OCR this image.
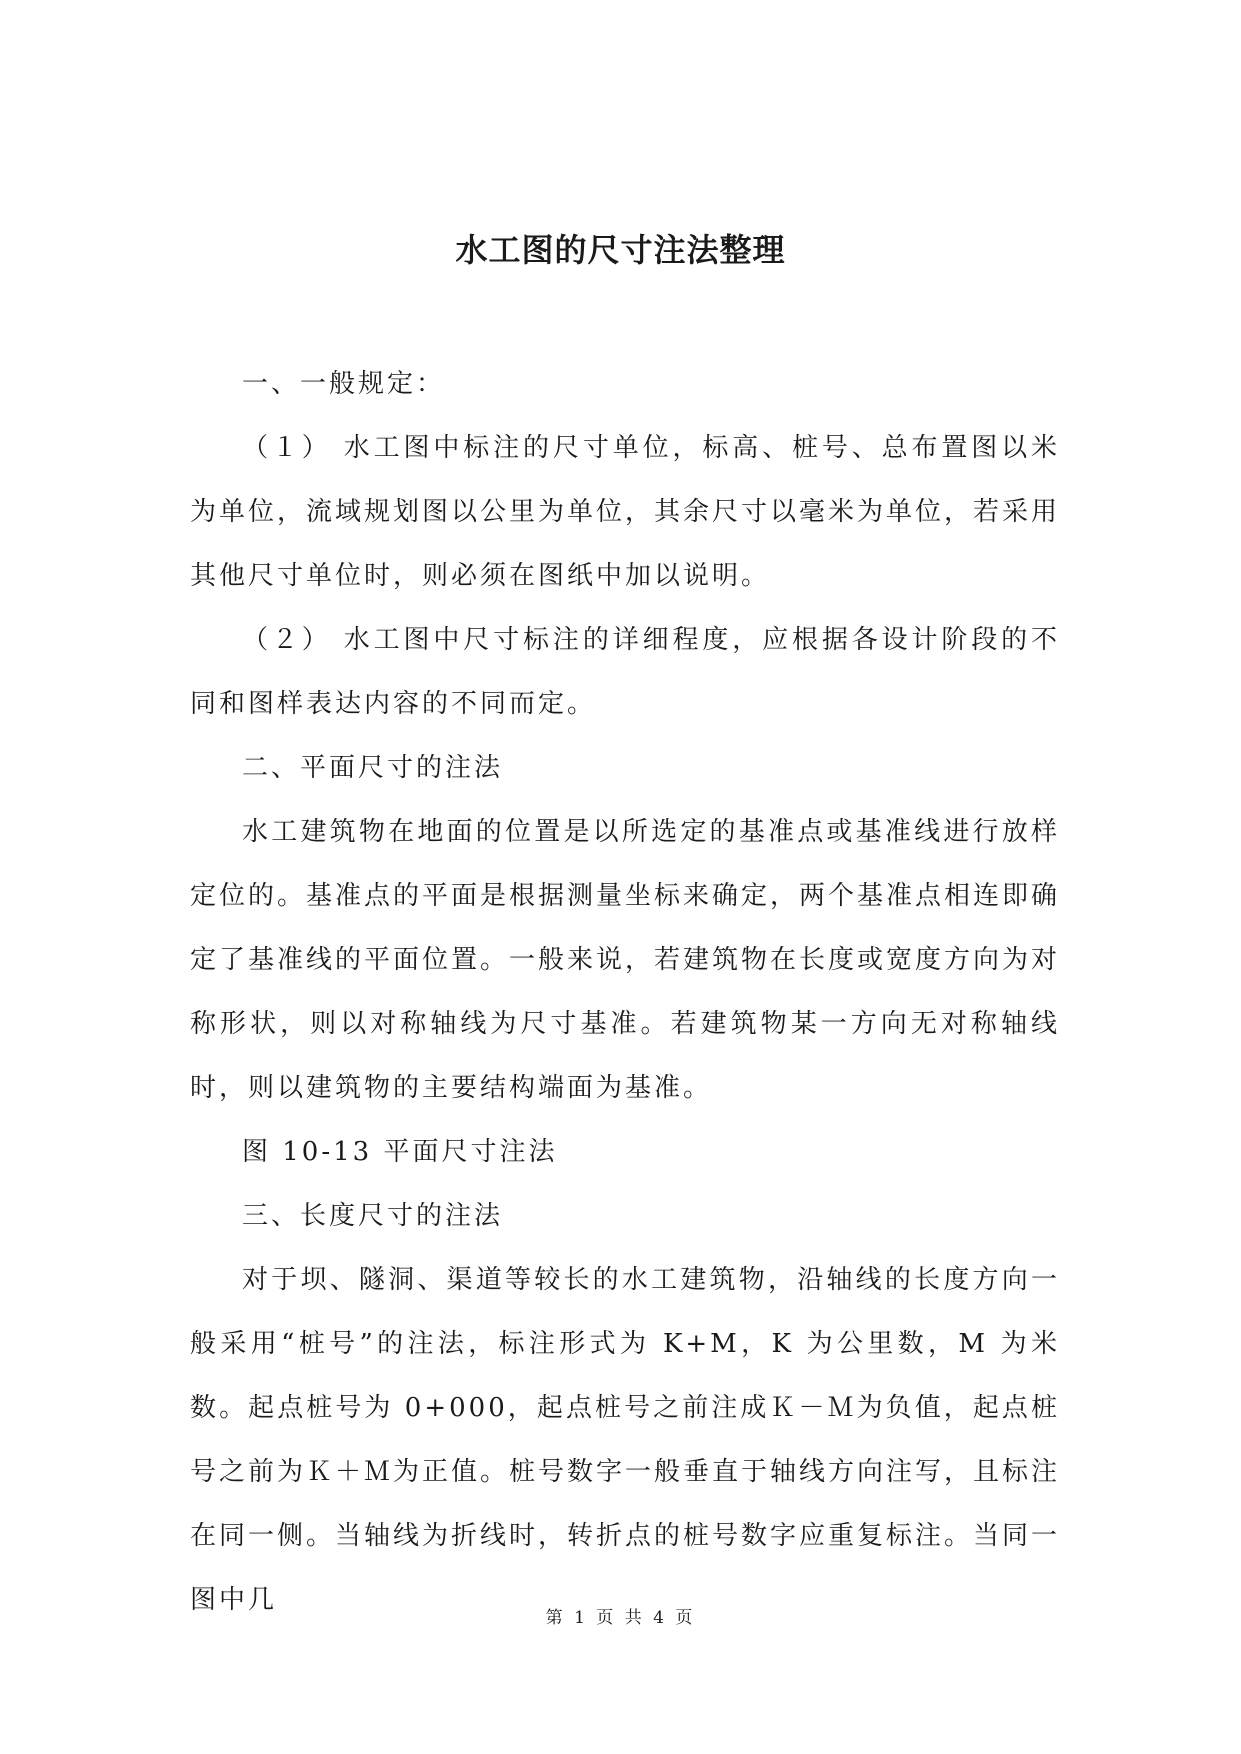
水工图的尺寸注法整理

一、一般规定：

（１） 水工图中标注的尺寸单位，标高、桩号、总布置图以米为单位，流域规划图以公里为单位，其余尺寸以毫米为单位，若采用其他尺寸单位时，则必须在图纸中加以说明。

（２） 水工图中尺寸标注的详细程度，应根据各设计阶段的不同和图样表达内容的不同而定。

二、平面尺寸的注法

水工建筑物在地面的位置是以所选定的基准点或基准线进行放样定位的。基准点的平面是根据测量坐标来确定，两个基准点相连即确定了基准线的平面位置。一般来说，若建筑物在长度或宽度方向为对称形状，则以对称轴线为尺寸基准。若建筑物某一方向无对称轴线时，则以建筑物的主要结构端面为基准。

图 10-13 平面尺寸注法

三、长度尺寸的注法

对于坝、隧洞、渠道等较长的水工建筑物，沿轴线的长度方向一般采用“桩号”的注法，标注形式为 K+M，K 为公里数，M 为米数。起点桩号为 0+000，起点桩号之前注成Ｋ－Ｍ为负值，起点桩号之前为Ｋ＋Ｍ为正值。桩号数字一般垂直于轴线方向注写，且标注在同一侧。当轴线为折线时，转折点的桩号数字应重复标注。当同一图中几

第 1 页 共 4 页
